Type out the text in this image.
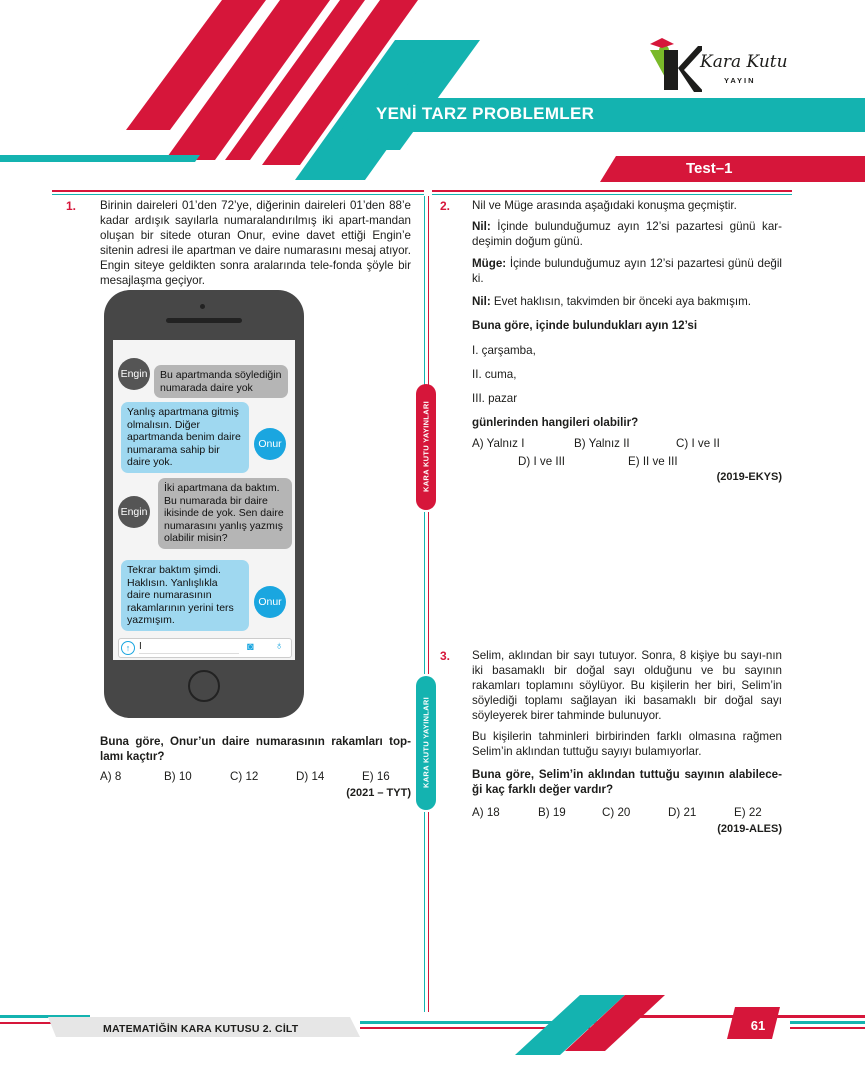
Kara Kutu
YAYIN
YENİ TARZ PROBLEMLER
Test–1
KARA KUTU YAYINLARI
KARA KUTU YAYINLARI
1. Birinin daireleri 01’den 72’ye, diğerinin daireleri 01’den 88’e kadar ardışık sayılarla numaralandırılmış iki apart-mandan oluşan bir sitede oturan Onur, evine davet ettiği Engin’e sitenin adresi ile apartman ve daire numarasını mesaj atıyor. Engin siteye geldikten sonra aralarında tele-fonda şöyle bir mesajlaşma geçiyor.
Engin	Bu apartmanda söylediğin numarada daire yok
Yanlış apartmana gitmiş olmalısın. Diğer apartmanda benim daire numarama sahip bir daire yok.
Onur
Engin
İki apartmana da baktım. Bu numarada bir daire ikisinde de yok. Sen daire numarasını yanlış yazmış olabilir misin?
Tekrar baktım şimdi. Haklısın. Yanlışlıkla daire numarasının rakamlarının yerini ters yazmışım.
Onur
↑ I	◙ ♁
Buna göre, Onur’un daire numarasının rakamları top-lamı kaçtır?
A) 8	B) 10	C) 12	D) 14	E) 16
(2021 – TYT)
2. Nil ve Müge arasında aşağıdaki konuşma geçmiştir.
Nil: İçinde bulunduğumuz ayın 12’si pazartesi günü kar-deşimin doğum günü.
Müge: İçinde bulunduğumuz ayın 12’si pazartesi günü değil ki.
Nil: Evet haklısın, takvimden bir önceki aya bakmışım.
Buna göre, içinde bulundukları ayın 12’si
I. çarşamba,
II. cuma,
III. pazar
günlerinden hangileri olabilir?
A) Yalnız I	B) Yalnız II	C) I ve II
D) I ve III	E) II ve III
(2019-EKYS)
3. Selim, aklından bir sayı tutuyor. Sonra, 8 kişiye bu sayı-nın iki basamaklı bir doğal sayı olduğunu ve bu sayının rakamları toplamını söylüyor. Bu kişilerin her biri, Selim’in söylediği toplamı sağlayan iki basamaklı bir doğal sayı söyleyerek birer tahminde bulunuyor.
Bu kişilerin tahminleri birbirinden farklı olmasına rağmen Selim’in aklından tuttuğu sayıyı bulamıyorlar.
Buna göre, Selim’in aklından tuttuğu sayının alabilece-ği kaç farklı değer vardır?
A) 18	B) 19	C) 20	D) 21	E) 22
(2019-ALES)
MATEMATİĞİN KARA KUTUSU 2. CİLT	61
